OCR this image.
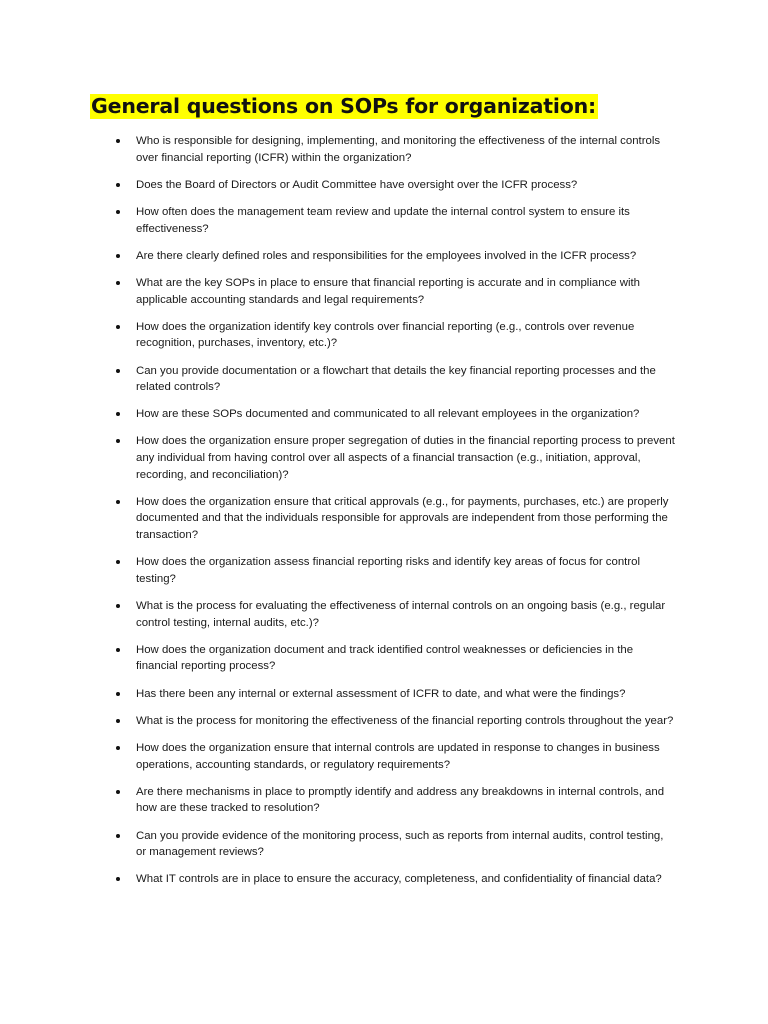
General questions on SOPs for organization:
Who is responsible for designing, implementing, and monitoring the effectiveness of the internal controls over financial reporting (ICFR) within the organization?
Does the Board of Directors or Audit Committee have oversight over the ICFR process?
How often does the management team review and update the internal control system to ensure its effectiveness?
Are there clearly defined roles and responsibilities for the employees involved in the ICFR process?
What are the key SOPs in place to ensure that financial reporting is accurate and in compliance with applicable accounting standards and legal requirements?
How does the organization identify key controls over financial reporting (e.g., controls over revenue recognition, purchases, inventory, etc.)?
Can you provide documentation or a flowchart that details the key financial reporting processes and the related controls?
How are these SOPs documented and communicated to all relevant employees in the organization?
How does the organization ensure proper segregation of duties in the financial reporting process to prevent any individual from having control over all aspects of a financial transaction (e.g., initiation, approval, recording, and reconciliation)?
How does the organization ensure that critical approvals (e.g., for payments, purchases, etc.) are properly documented and that the individuals responsible for approvals are independent from those performing the transaction?
How does the organization assess financial reporting risks and identify key areas of focus for control testing?
What is the process for evaluating the effectiveness of internal controls on an ongoing basis (e.g., regular control testing, internal audits, etc.)?
How does the organization document and track identified control weaknesses or deficiencies in the financial reporting process?
Has there been any internal or external assessment of ICFR to date, and what were the findings?
What is the process for monitoring the effectiveness of the financial reporting controls throughout the year?
How does the organization ensure that internal controls are updated in response to changes in business operations, accounting standards, or regulatory requirements?
Are there mechanisms in place to promptly identify and address any breakdowns in internal controls, and how are these tracked to resolution?
Can you provide evidence of the monitoring process, such as reports from internal audits, control testing, or management reviews?
What IT controls are in place to ensure the accuracy, completeness, and confidentiality of financial data?
